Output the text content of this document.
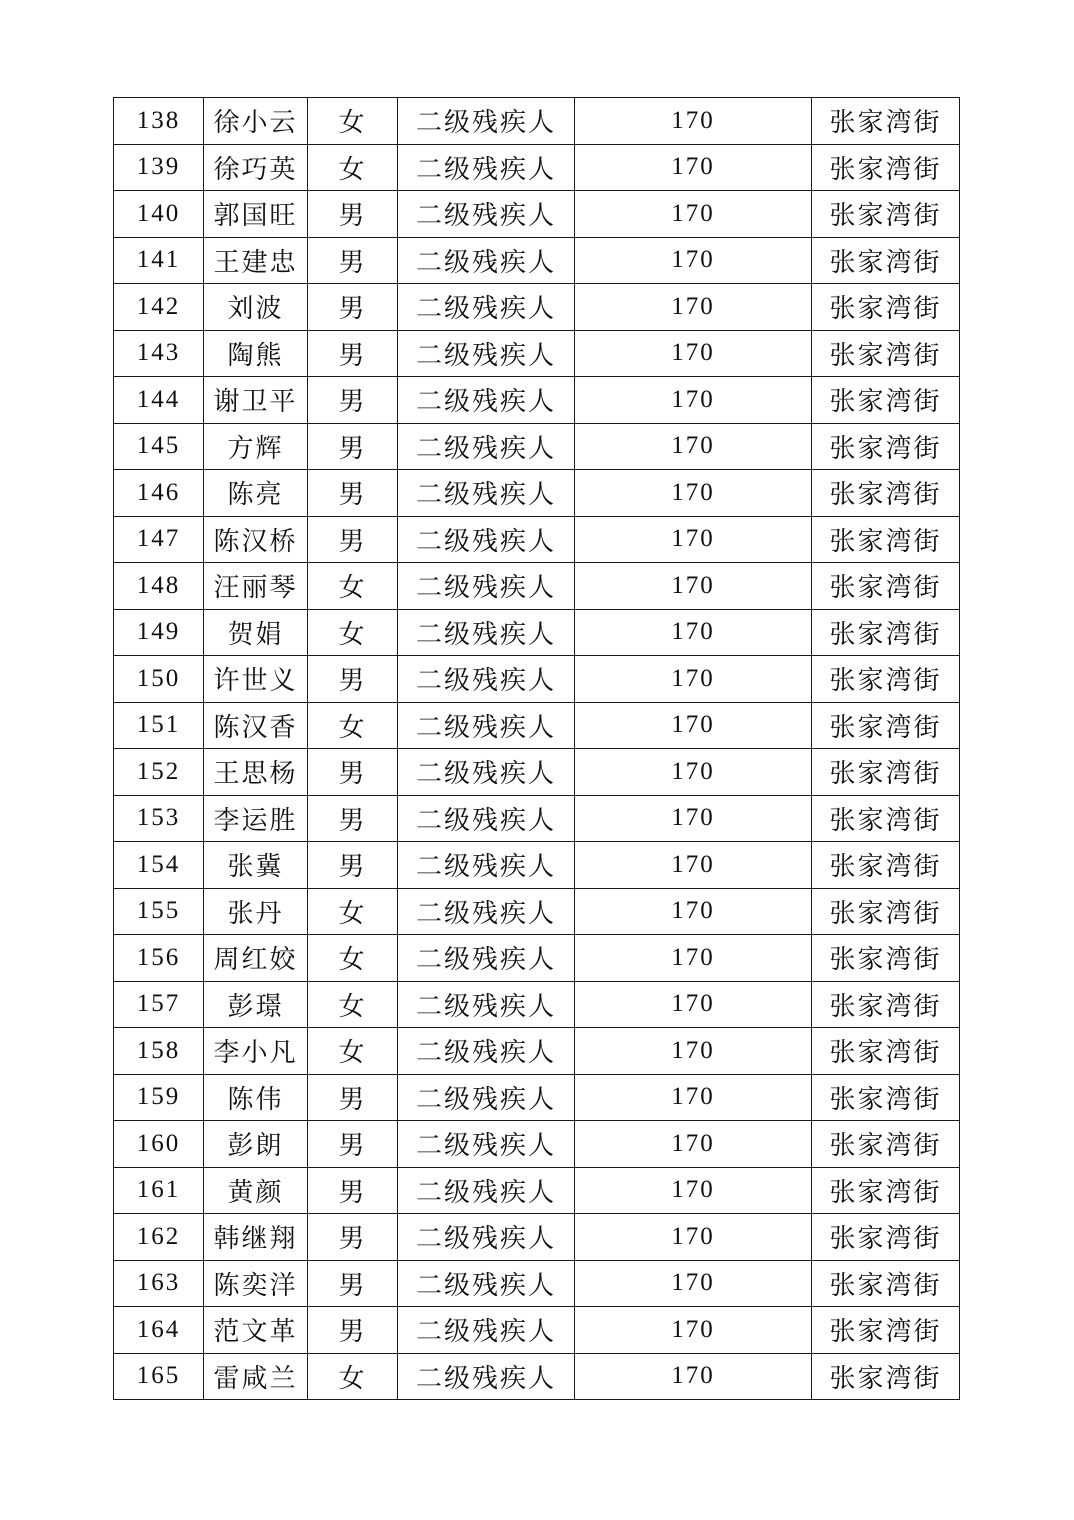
138	徐小云	女	二级残疾人	170	张家湾街
139	徐巧英	女	二级残疾人	170	张家湾街
140	郭国旺	男	二级残疾人	170	张家湾街
141	王建忠	男	二级残疾人	170	张家湾街
142	刘波	男	二级残疾人	170	张家湾街
143	陶熊	男	二级残疾人	170	张家湾街
144	谢卫平	男	二级残疾人	170	张家湾街
145	方辉	男	二级残疾人	170	张家湾街
146	陈亮	男	二级残疾人	170	张家湾街
147	陈汉桥	男	二级残疾人	170	张家湾街
148	汪丽琴	女	二级残疾人	170	张家湾街
149	贺娟	女	二级残疾人	170	张家湾街
150	许世义	男	二级残疾人	170	张家湾街
151	陈汉香	女	二级残疾人	170	张家湾街
152	王思杨	男	二级残疾人	170	张家湾街
153	李运胜	男	二级残疾人	170	张家湾街
154	张冀	男	二级残疾人	170	张家湾街
155	张丹	女	二级残疾人	170	张家湾街
156	周红姣	女	二级残疾人	170	张家湾街
157	彭璟	女	二级残疾人	170	张家湾街
158	李小凡	女	二级残疾人	170	张家湾街
159	陈伟	男	二级残疾人	170	张家湾街
160	彭朗	男	二级残疾人	170	张家湾街
161	黄颜	男	二级残疾人	170	张家湾街
162	韩继翔	男	二级残疾人	170	张家湾街
163	陈奕洋	男	二级残疾人	170	张家湾街
164	范文革	男	二级残疾人	170	张家湾街
165	雷咸兰	女	二级残疾人	170	张家湾街
